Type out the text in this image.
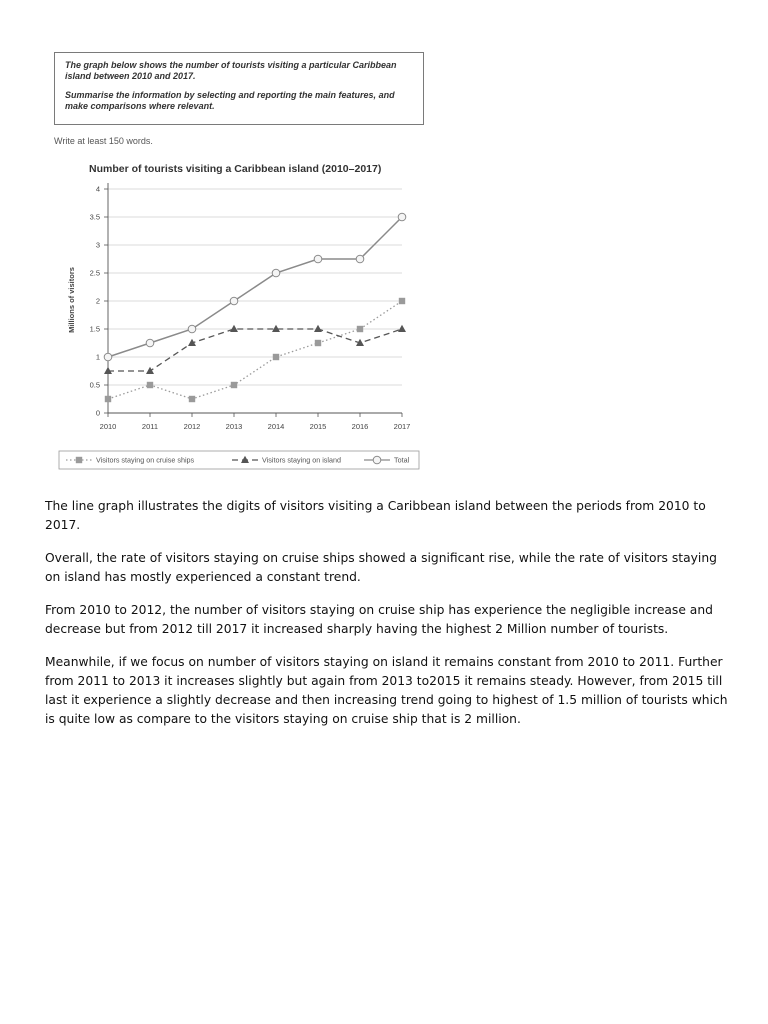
The graph below shows the number of tourists visiting a particular Caribbean island between 2010 and 2017.

Summarise the information by selecting and reporting the main features, and make comparisons where relevant.

Write at least 150 words.
Number of tourists visiting a Caribbean island (2010–2017)
Millions of visitors
0
0.5
1
1.5
2
2.5
3
3.5
4
2010	2011	2012	2013	2014	2015	2016	2017
Visitors staying on cruise ships	Visitors staying on island	Total

The line graph illustrates the digits of visitors visiting a Caribbean island between the periods from 2010 to 2017.

Overall, the rate of visitors staying on cruise ships showed a significant rise, while the rate of visitors staying on island has mostly experienced a constant trend.

From 2010 to 2012, the number of visitors staying on cruise ship has experience the negligible increase and decrease but from 2012 till 2017 it increased sharply having the highest 2 Million number of tourists.

Meanwhile, if we focus on number of visitors staying on island it remains constant from 2010 to 2011. Further from 2011 to 2013 it increases slightly but again from 2013 to2015 it remains steady. However, from 2015 till last it experience a slightly decrease and then increasing trend going to highest of 1.5 million of tourists which is quite low as compare to the visitors staying on cruise ship that is 2 million.
